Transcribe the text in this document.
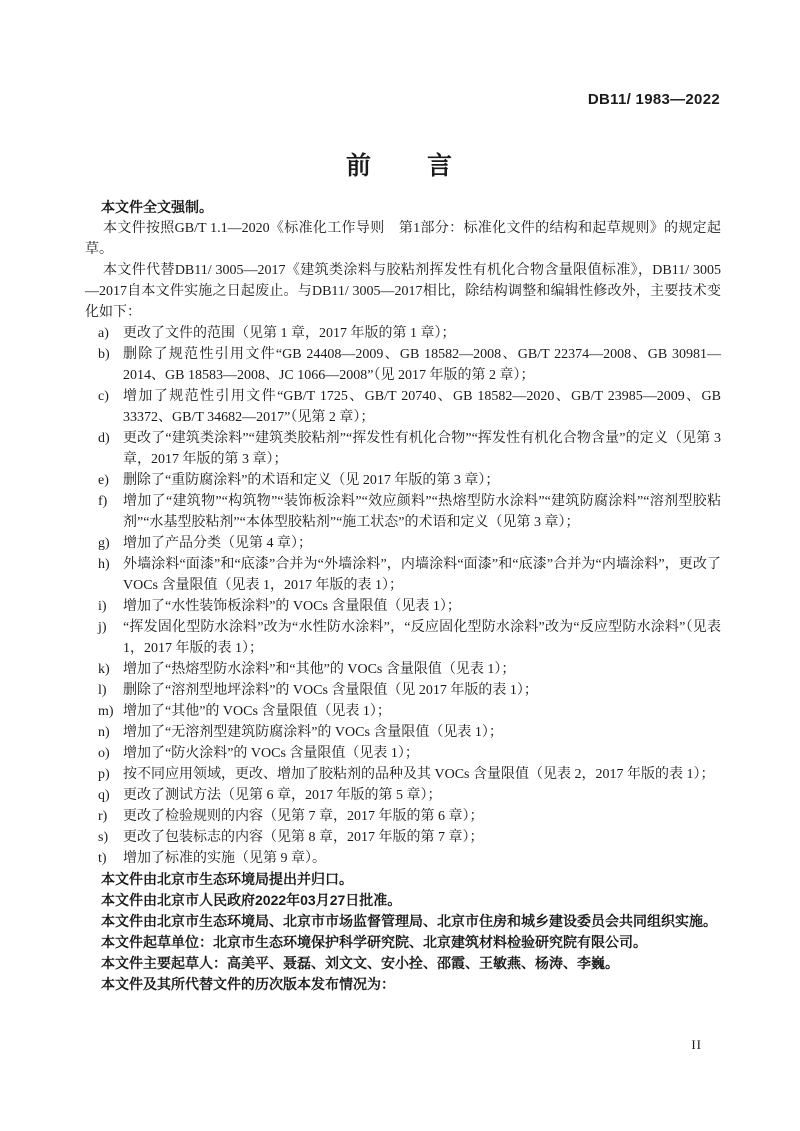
DB11/ 1983—2022
前　　言

本文件全文强制。

本文件按照GB/T 1.1—2020《标准化工作导则　第1部分：标准化文件的结构和起草规则》的规定起草。

本文件代替DB11/ 3005—2017《建筑类涂料与胶粘剂挥发性有机化合物含量限值标准》，DB11/ 3005—2017自本文件实施之日起废止。与DB11/ 3005—2017相比，除结构调整和编辑性修改外，主要技术变化如下：

a)	更改了文件的范围（见第 1 章，2017 年版的第 1 章）；
b) 删除了规范性引用文件“GB 24408—2009、GB 18582—2008、GB/T 22374—2008、GB 30981—2014、GB 18583—2008、JC 1066—2008”（见 2017 年版的第 2 章）；
c)	增加了规范性引用文件“GB/T 1725、GB/T 20740、GB 18582—2020、GB/T 23985—2009、GB 33372、GB/T 34682—2017”（见第 2 章）；
d) 更改了“建筑类涂料”“建筑类胶粘剂”“挥发性有机化合物”“挥发性有机化合物含量”的定义（见第 3 章，2017 年版的第 3 章）；
e)	删除了“重防腐涂料”的术语和定义（见 2017 年版的第 3 章）；
f)	增加了“建筑物”“构筑物”“装饰板涂料”“效应颜料”“热熔型防水涂料”“建筑防腐涂料”“溶剂型胶粘剂”“水基型胶粘剂”“本体型胶粘剂”“施工状态”的术语和定义（见第 3 章）；
g) 增加了产品分类（见第 4 章）；
h) 外墙涂料“面漆”和“底漆”合并为“外墙涂料”，内墙涂料“面漆”和“底漆”合并为“内墙涂料”，更改了 VOCs 含量限值（见表 1，2017 年版的表 1）；
i)	增加了“水性装饰板涂料”的 VOCs 含量限值（见表 1）；
j)	“挥发固化型防水涂料”改为“水性防水涂料”，“反应固化型防水涂料”改为“反应型防水涂料”（见表 1，2017 年版的表 1）；
k) 增加了“热熔型防水涂料”和“其他”的 VOCs 含量限值（见表 1）；
l)	删除了“溶剂型地坪涂料”的 VOCs 含量限值（见 2017 年版的表 1）；
m) 增加了“其他”的 VOCs 含量限值（见表 1）；
n) 增加了“无溶剂型建筑防腐涂料”的 VOCs 含量限值（见表 1）；
o) 增加了“防火涂料”的 VOCs 含量限值（见表 1）；
p) 按不同应用领域，更改、增加了胶粘剂的品种及其 VOCs 含量限值（见表 2，2017 年版的表 1）；
q) 更改了测试方法（见第 6 章，2017 年版的第 5 章）；
r)	更改了检验规则的内容（见第 7 章，2017 年版的第 6 章）；
s)	更改了包装标志的内容（见第 8 章，2017 年版的第 7 章）；
t)	增加了标准的实施（见第 9 章）。

本文件由北京市生态环境局提出并归口。

本文件由北京市人民政府2022年03月27日批准。

本文件由北京市生态环境局、北京市市场监督管理局、北京市住房和城乡建设委员会共同组织实施。

本文件起草单位：北京市生态环境保护科学研究院、北京建筑材料检验研究院有限公司。

本文件主要起草人：高美平、聂磊、刘文文、安小拴、邵霞、王敏燕、杨涛、李巍。

本文件及其所代替文件的历次版本发布情况为：

II
